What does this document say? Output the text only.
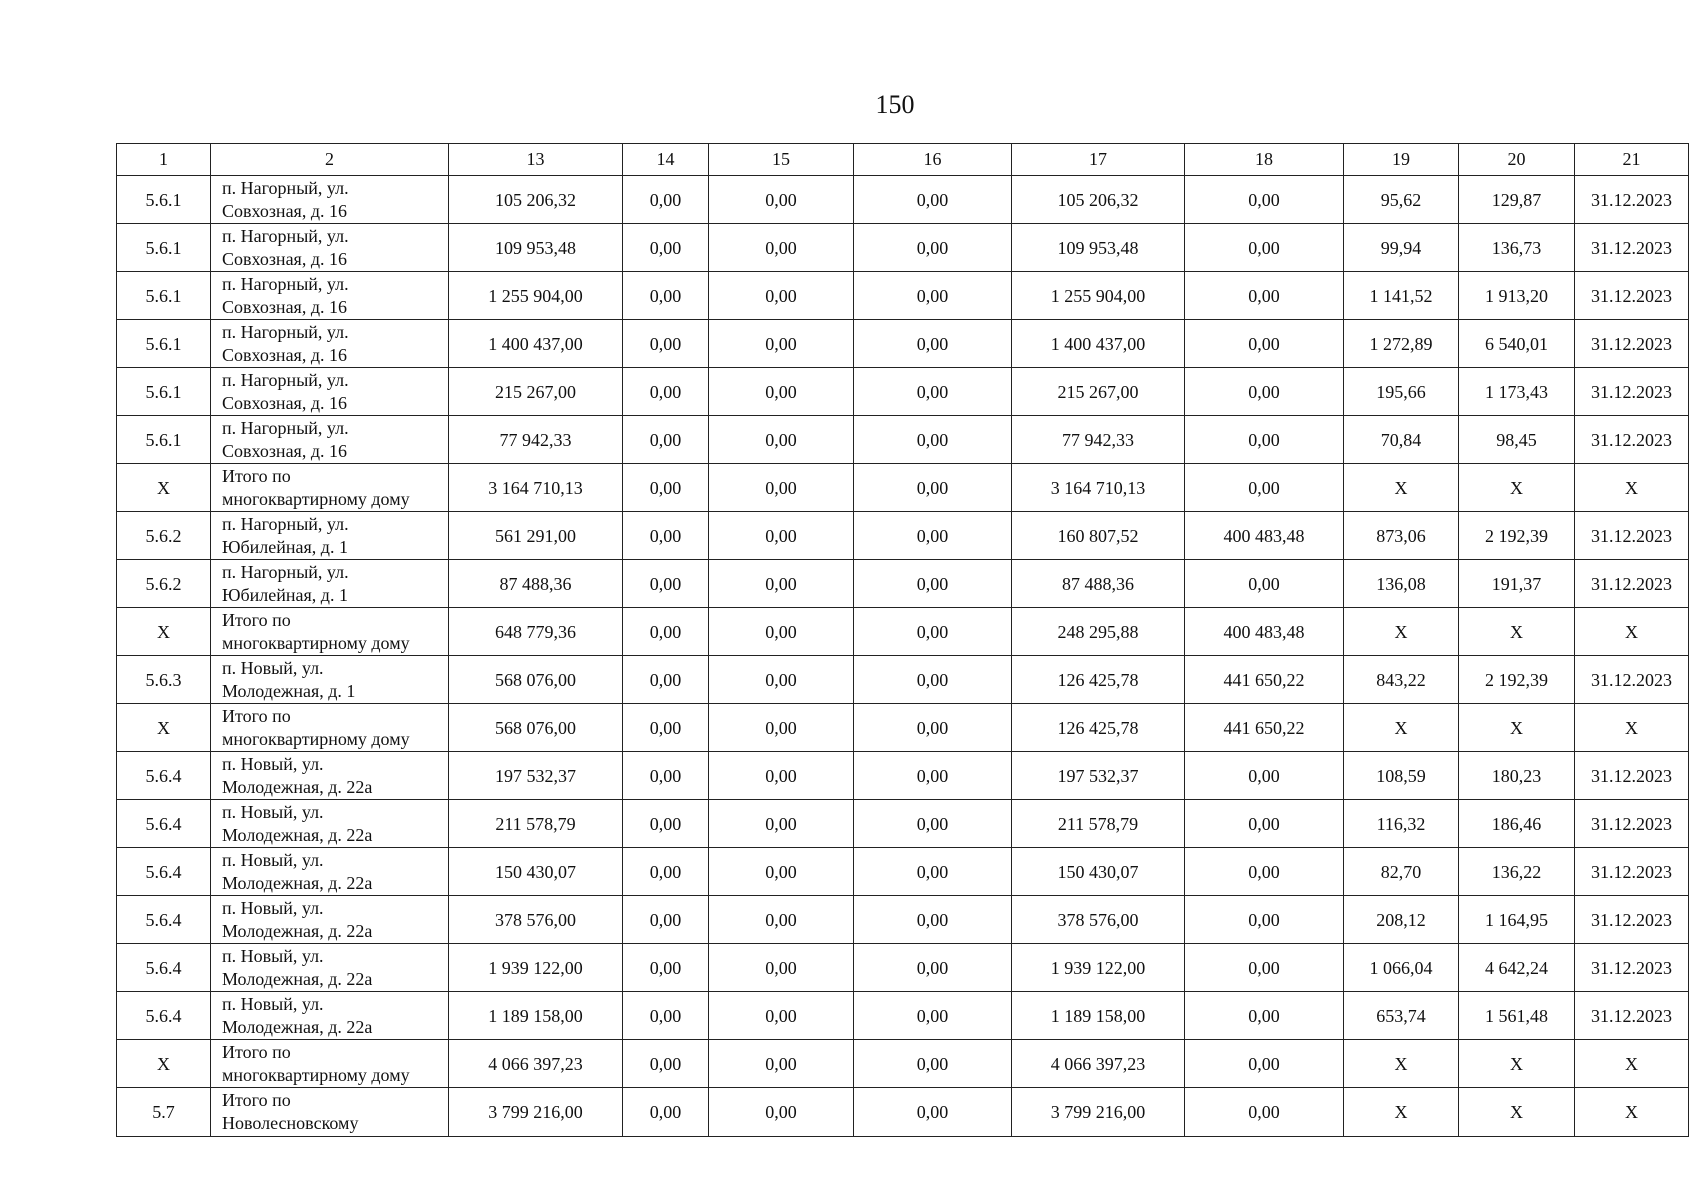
150
1	2	13	14	15	16	17	18	19	20	21
5.6.1	п. Нагорный, ул.
Совхозная, д. 16	105 206,32	0,00	0,00	0,00	105 206,32	0,00	95,62	129,87	31.12.2023
5.6.1	п. Нагорный, ул.
Совхозная, д. 16	109 953,48	0,00	0,00	0,00	109 953,48	0,00	99,94	136,73	31.12.2023
5.6.1	п. Нагорный, ул.
Совхозная, д. 16	1 255 904,00	0,00	0,00	0,00	1 255 904,00	0,00	1 141,52	1 913,20	31.12.2023
5.6.1	п. Нагорный, ул.
Совхозная, д. 16	1 400 437,00	0,00	0,00	0,00	1 400 437,00	0,00	1 272,89	6 540,01	31.12.2023
5.6.1	п. Нагорный, ул.
Совхозная, д. 16	215 267,00	0,00	0,00	0,00	215 267,00	0,00	195,66	1 173,43	31.12.2023
5.6.1	п. Нагорный, ул.
Совхозная, д. 16	77 942,33	0,00	0,00	0,00	77 942,33	0,00	70,84	98,45	31.12.2023
X	Итого по
многоквартирному дому	3 164 710,13	0,00	0,00	0,00	3 164 710,13	0,00	X	X	X
5.6.2	п. Нагорный, ул.
Юбилейная, д. 1	561 291,00	0,00	0,00	0,00	160 807,52	400 483,48	873,06	2 192,39	31.12.2023
5.6.2	п. Нагорный, ул.
Юбилейная, д. 1	87 488,36	0,00	0,00	0,00	87 488,36	0,00	136,08	191,37	31.12.2023
X	Итого по
многоквартирному дому	648 779,36	0,00	0,00	0,00	248 295,88	400 483,48	X	X	X
5.6.3	п. Новый, ул.
Молодежная, д. 1	568 076,00	0,00	0,00	0,00	126 425,78	441 650,22	843,22	2 192,39	31.12.2023
X	Итого по
многоквартирному дому	568 076,00	0,00	0,00	0,00	126 425,78	441 650,22	X	X	X
5.6.4	п. Новый, ул.
Молодежная, д. 22а	197 532,37	0,00	0,00	0,00	197 532,37	0,00	108,59	180,23	31.12.2023
5.6.4	п. Новый, ул.
Молодежная, д. 22а	211 578,79	0,00	0,00	0,00	211 578,79	0,00	116,32	186,46	31.12.2023
5.6.4	п. Новый, ул.
Молодежная, д. 22а	150 430,07	0,00	0,00	0,00	150 430,07	0,00	82,70	136,22	31.12.2023
5.6.4	п. Новый, ул.
Молодежная, д. 22а	378 576,00	0,00	0,00	0,00	378 576,00	0,00	208,12	1 164,95	31.12.2023
5.6.4	п. Новый, ул.
Молодежная, д. 22а	1 939 122,00	0,00	0,00	0,00	1 939 122,00	0,00	1 066,04	4 642,24	31.12.2023
5.6.4	п. Новый, ул.
Молодежная, д. 22а	1 189 158,00	0,00	0,00	0,00	1 189 158,00	0,00	653,74	1 561,48	31.12.2023
X	Итого по
многоквартирному дому	4 066 397,23	0,00	0,00	0,00	4 066 397,23	0,00	X	X	X
5.7	Итого по
Новолесновскому	3 799 216,00	0,00	0,00	0,00	3 799 216,00	0,00	X	X	X
